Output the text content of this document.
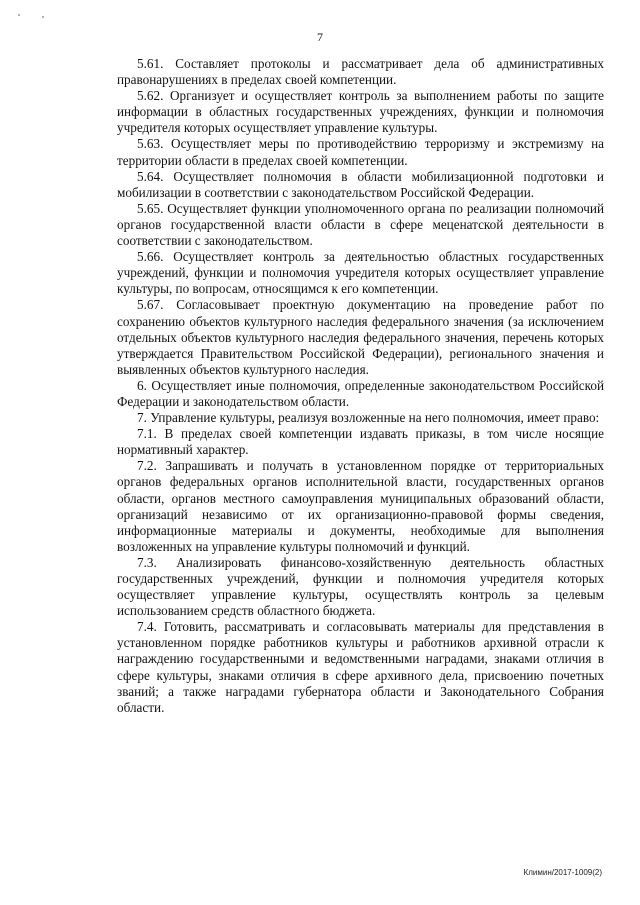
7

5.61. Составляет протоколы и рассматривает дела об административных правонарушениях в пределах своей компетенции.

5.62. Организует и осуществляет контроль за выполнением работы по защите информации в областных государственных учреждениях, функции и полномочия учредителя которых осуществляет управление культуры.

5.63. Осуществляет меры по противодействию терроризму и экстремизму на территории области в пределах своей компетенции.

5.64. Осуществляет полномочия в области мобилизационной подготовки и мобилизации в соответствии с законодательством Российской Федерации.

5.65. Осуществляет функции уполномоченного органа по реализации полномочий органов государственной власти области в сфере меценатской деятельности в соответствии с законодательством.

5.66. Осуществляет контроль за деятельностью областных государственных учреждений, функции и полномочия учредителя которых осуществляет управление культуры, по вопросам, относящимся к его компетенции.

5.67. Согласовывает проектную документацию на проведение работ по сохранению объектов культурного наследия федерального значения (за исключением отдельных объектов культурного наследия федерального значения, перечень которых утверждается Правительством Российской Федерации), регионального значения и выявленных объектов культурного наследия.

6. Осуществляет иные полномочия, определенные законодательством Российской Федерации и законодательством области.

7. Управление культуры, реализуя возложенные на него полномочия, имеет право:

7.1. В пределах своей компетенции издавать приказы, в том числе носящие нормативный характер.

7.2. Запрашивать и получать в установленном порядке от территориальных органов федеральных органов исполнительной власти, государственных органов области, органов местного самоуправления муниципальных образований области, организаций независимо от их организационно-правовой формы сведения, информационные материалы и документы, необходимые для выполнения возложенных на управление культуры полномочий и функций.

7.3. Анализировать финансово-хозяйственную деятельность областных государственных учреждений, функции и полномочия учредителя которых осуществляет управление культуры, осуществлять контроль за целевым использованием средств областного бюджета.

7.4. Готовить, рассматривать и согласовывать материалы для представления в установленном порядке работников культуры и работников архивной отрасли к награждению государственными и ведомственными наградами, знаками отличия в сфере культуры, знаками отличия в сфере архивного дела, присвоению почетных званий; а также наградами губернатора области и Законодательного Собрания области.

Климин/2017-1009(2)
